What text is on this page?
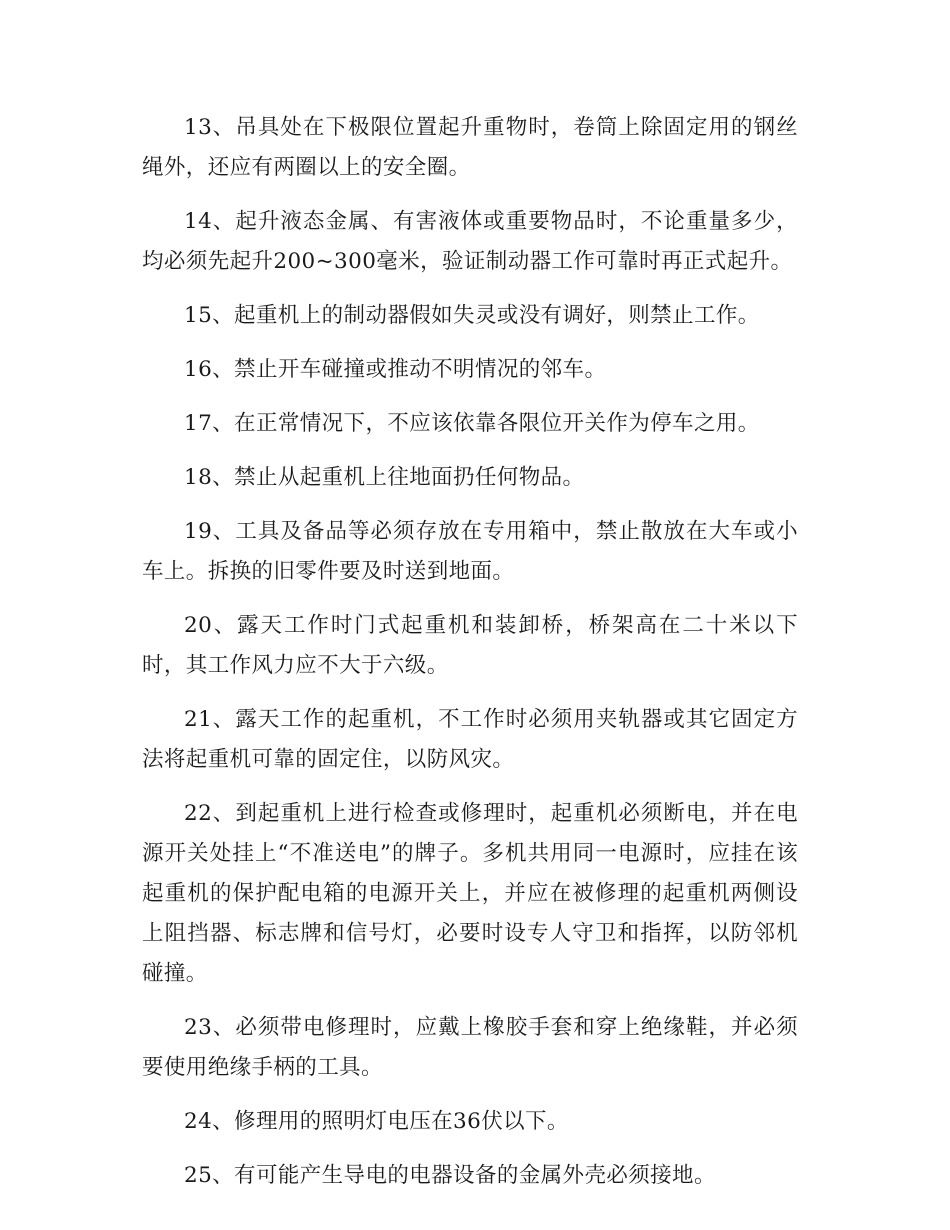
13、吊具处在下极限位置起升重物时，卷筒上除固定用的钢丝绳外，还应有两圈以上的安全圈。

14、起升液态金属、有害液体或重要物品时，不论重量多少，均必须先起升200~300毫米，验证制动器工作可靠时再正式起升。

15、起重机上的制动器假如失灵或没有调好，则禁止工作。

16、禁止开车碰撞或推动不明情况的邻车。

17、在正常情况下，不应该依靠各限位开关作为停车之用。

18、禁止从起重机上往地面扔任何物品。

19、工具及备品等必须存放在专用箱中，禁止散放在大车或小车上。拆换的旧零件要及时送到地面。

20、露天工作时门式起重机和装卸桥，桥架高在二十米以下时，其工作风力应不大于六级。

21、露天工作的起重机，不工作时必须用夹轨器或其它固定方法将起重机可靠的固定住，以防风灾。

22、到起重机上进行检查或修理时，起重机必须断电，并在电源开关处挂上“不准送电”的牌子。多机共用同一电源时，应挂在该起重机的保护配电箱的电源开关上，并应在被修理的起重机两侧设上阻挡器、标志牌和信号灯，必要时设专人守卫和指挥，以防邻机碰撞。

23、必须带电修理时，应戴上橡胶手套和穿上绝缘鞋，并必须要使用绝缘手柄的工具。

24、修理用的照明灯电压在36伏以下。

25、有可能产生导电的电器设备的金属外壳必须接地。
